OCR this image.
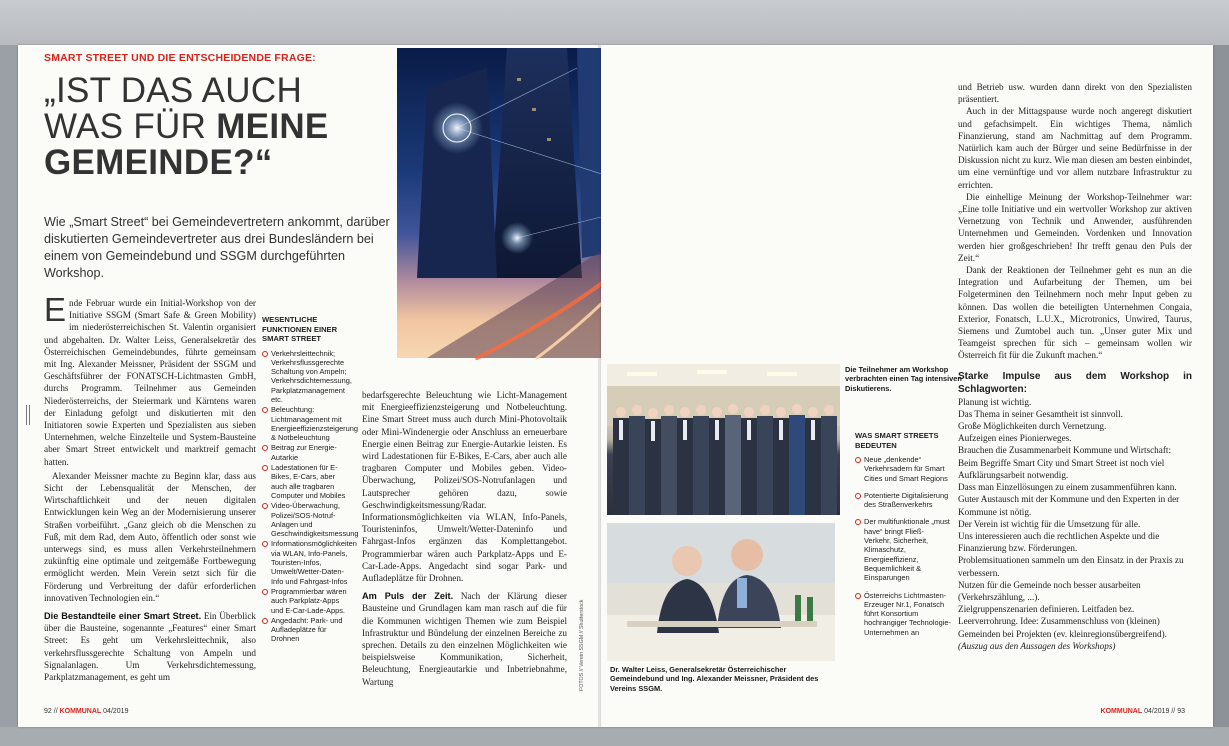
SMART STREET UND DIE ENTSCHEIDENDE FRAGE:
„IST DAS AUCH
WAS FÜR MEINE
GEMEINDE?“
Wie „Smart Street“ bei Gemeindevertretern ankommt, darüber diskutierten Gemeindevertreter aus drei Bundesländern bei einem von Gemeindebund und SSGM durchgeführten Workshop.

Ende Februar wurde ein Initial-Workshop von der Initiative SSGM (Smart Safe & Green Mobility) im niederösterreichischen St. Valentin organisiert und abgehalten. Dr. Walter Leiss, Generalsekretär des Österreichischen Gemeindebundes, führte gemeinsam mit Ing. Alexander Meissner, Präsident der SSGM und Geschäftsführer der FONATSCH-Lichtmasten GmbH, durchs Programm. Teilnehmer aus Gemeinden Niederösterreichs, der Steiermark und Kärntens waren der Einladung gefolgt und diskutierten mit den Initiatoren sowie Experten und Spezialisten aus sieben Unternehmen, welche Einzelteile und System-Bausteine aber Smart Street entwickelt und marktreif gemacht hatten.

Alexander Meissner machte zu Beginn klar, dass aus Sicht der Lebensqualität der Menschen, der Wirtschaftlichkeit und der neuen digitalen Entwicklungen kein Weg an der Modernisierung unserer Straßen vorbeiführt. „Ganz gleich ob die Menschen zu Fuß, mit dem Rad, dem Auto, öffentlich oder sonst wie unterwegs sind, es muss allen Verkehrsteilnehmern zukünftig eine optimale und zeitgemäße Fortbewegung ermöglicht werden. Mein Verein setzt sich für die Förderung und Verbreitung der dafür erforderlichen innovativen Technologien ein.“

Die Bestandteile einer Smart Street. Ein Überblick über die Bausteine, sogenannte „Features“ einer Smart Street: Es geht um Verkehrsleittechnik, also verkehrsflussgerechte Schaltung von Ampeln und Signalanlagen. Um Verkehrsdichtemessung, Parkplatzmanagement, es geht um

WESENTLICHE FUNKTIONEN EINER SMART STREET
Verkehrsleittechnik; Verkehrsflussgerechte Schaltung von Ampeln; Verkehrsdichtemessung, Parkplatzmanagement etc.
Beleuchtung: Lichtmanagement mit Energieeffizienzsteigerung & Notbeleuchtung
Beitrag zur Energie-Autarkie
Ladestationen für E-Bikes, E-Cars, aber auch alle tragbaren Computer und Mobiles
Video-Überwachung, Polizei/SOS-Notruf-Anlagen und Geschwindigkeitsmessung
Informationsmöglichkeiten via WLAN, Info-Panels, Touristen-Infos, Umwelt/Wetter-Daten-Info und Fahrgast-Infos
Programmierbar wären auch Parkplatz-Apps und E-Car-Lade-Apps.
Angedacht: Park- und Aufladeplätze für Drohnen

bedarfsgerechte Beleuchtung wie Licht-Management mit Energieeffizienzsteigerung und Notbeleuchtung. Eine Smart Street muss auch durch Mini-Photovoltaik oder Mini-Windenergie oder Anschluss an erneuerbare Energie einen Beitrag zur Energie-Autarkie leisten. Es wird Ladestationen für E-Bikes, E-Cars, aber auch alle tragbaren Computer und Mobiles geben. Video-Überwachung, Polizei/SOS-Notrufanlagen und Lautsprecher gehören dazu, sowie Geschwindigkeitsmessung/Radar. Informationsmöglichkeiten via WLAN, Info-Panels, Touristeninfos, Umwelt/Wetter-Dateninfo und Fahrgast-Infos ergänzen das Komplettangebot. Programmierbar wären auch Parkplatz-Apps und E-Car-Lade-Apps. Angedacht sind sogar Park- und Aufladeplätze für Drohnen.

Am Puls der Zeit. Nach der Klärung dieser Bausteine und Grundlagen kam man rasch auf die für die Kommunen wichtigen Themen wie zum Beispiel Infrastruktur und Bündelung der einzelnen Bereiche zu sprechen. Details zu den einzelnen Möglichkeiten wie beispielsweise Kommunikation, Sicherheit, Beleuchtung, Energieautarkie und Inbetriebnahme, Wartung

92 // KOMMUNAL 04/2019
Die Teilnehmer am Workshop verbrachten einen Tag intensiven Diskutierens.
Dr. Walter Leiss, Generalsekretär Österreichischer Gemeindebund und Ing. Alexander Meissner, Präsident des Vereins SSGM.
FOTOS // Verein SSGM // Shutterstock
WAS SMART STREETS BEDEUTEN
Neue „denkende“ Verkehrsadern für Smart Cities und Smart Regions
Potentierte Digitalisierung des Straßenverkehrs
Der multifunktionale „must have“ bringt Fließ-Verkehr, Sicherheit, Klimaschutz, Energieeffizienz, Bequemlichkeit & Einsparungen
Österreichs Lichtmasten-Erzeuger Nr.1, Fonatsch führt Konsortium hochrangiger Technologie-Unternehmen an

und Betrieb usw. wurden dann direkt von den Spezialisten präsentiert.

Auch in der Mittagspause wurde noch angeregt diskutiert und gefachsimpelt. Ein wichtiges Thema, nämlich Finanzierung, stand am Nachmittag auf dem Programm. Natürlich kam auch der Bürger und seine Bedürfnisse in der Diskussion nicht zu kurz. Wie man diesen am besten einbindet, um eine vernünftige und vor allem nutzbare Infrastruktur zu errichten.

Die einhellige Meinung der Workshop-Teilnehmer war: „Eine tolle Initiative und ein wertvoller Workshop zur aktiven Vernetzung von Technik und Anwender, ausführenden Unternehmen und Gemeinden. Vordenken und Innovation werden hier großgeschrieben! Ihr trefft genau den Puls der Zeit.“

Dank der Reaktionen der Teilnehmer geht es nun an die Integration und Aufarbeitung der Themen, um bei Folgeterminen den Teilnehmern noch mehr Input geben zu können. Das wollen die beteiligten Unternehmen Congaia, Exterior, Fonatsch, L.U.X., Microtronics, Unwired, Taurus, Siemens und Zumtobel auch tun. „Unser guter Mix und Teamgeist sprechen für sich – gemeinsam wollen wir Österreich fit für die Zukunft machen.“

Starke Impulse aus dem Workshop in Schlagworten:
Planung ist wichtig.
Das Thema in seiner Gesamtheit ist sinnvoll.
Große Möglichkeiten durch Vernetzung.
Aufzeigen eines Pionierweges.
Brauchen die Zusammenarbeit Kommune und Wirtschaft: Beim Begriffe Smart City und Smart Street ist noch viel Aufklärungsarbeit notwendig.
Dass man Einzellösungen zu einem zusammenführen kann.
Guter Austausch mit der Kommune und den Experten in der Kommune ist nötig.
Der Verein ist wichtig für die Umsetzung für alle.
Uns interessieren auch die rechtlichen Aspekte und die Finanzierung bzw. Förderungen.
Problemsituationen sammeln um den Einsatz in der Praxis zu verbessern.
Nutzen für die Gemeinde noch besser ausarbeiten (Verkehrszählung, ...).
Zielgruppenszenarien definieren. Leitfaden bez. Leerverrohrung. Idee: Zusammenschluss von (kleinen) Gemeinden bei Projekten (ev. kleinregionsübergreifend).
(Auszug aus den Aussagen des Workshops)
KOMMUNAL 04/2019 // 93
